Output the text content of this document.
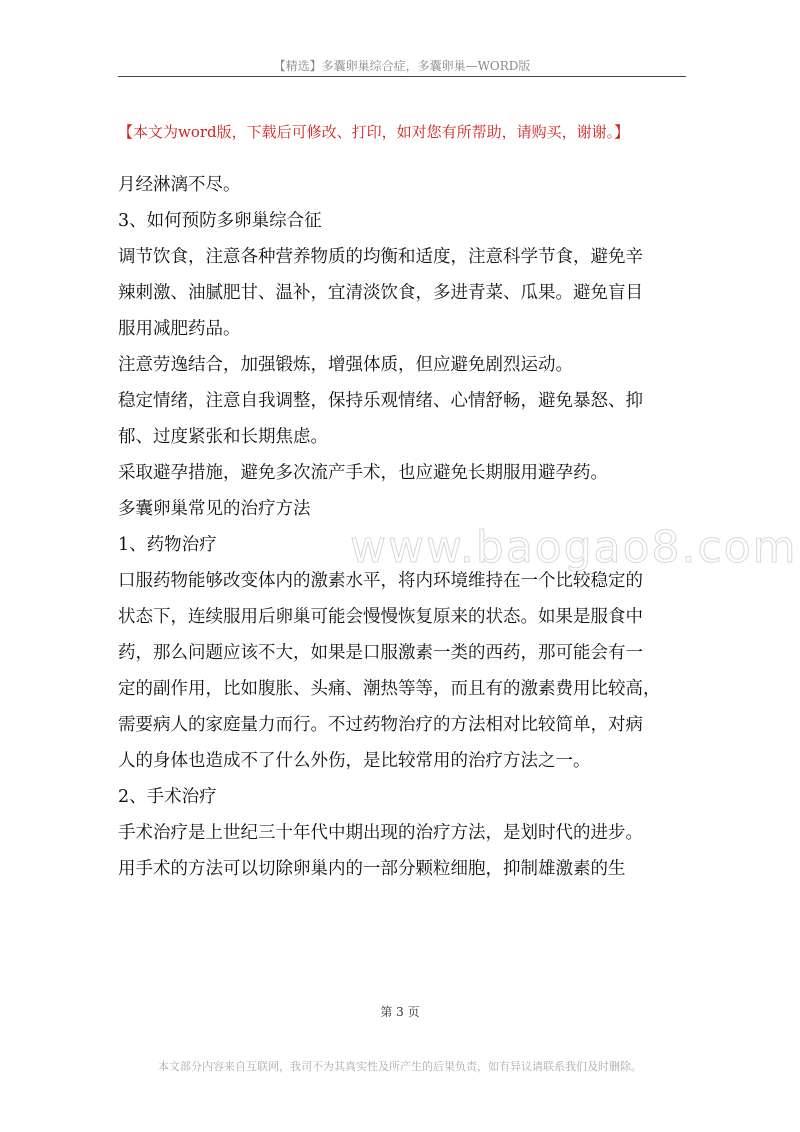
【精选】多囊卵巢综合症，多囊卵巢—WORD版
【本文为word版，下载后可修改、打印，如对您有所帮助，请购买，谢谢。】
www.baogao8.com

月经淋漓不尽。

3、如何预防多卵巢综合征

调节饮食，注意各种营养物质的均衡和适度，注意科学节食，避免辛

辣刺激、油腻肥甘、温补，宜清淡饮食，多进青菜、瓜果。避免盲目

服用减肥药品。

注意劳逸结合，加强锻炼，增强体质，但应避免剧烈运动。

稳定情绪，注意自我调整，保持乐观情绪、心情舒畅，避免暴怒、抑

郁、过度紧张和长期焦虑。

采取避孕措施，避免多次流产手术，也应避免长期服用避孕药。

多囊卵巢常见的治疗方法

1、药物治疗

口服药物能够改变体内的激素水平，将内环境维持在一个比较稳定的

状态下，连续服用后卵巢可能会慢慢恢复原来的状态。如果是服食中

药，那么问题应该不大，如果是口服激素一类的西药，那可能会有一

定的副作用，比如腹胀、头痛、潮热等等，而且有的激素费用比较高，

需要病人的家庭量力而行。不过药物治疗的方法相对比较简单，对病

人的身体也造成不了什么外伤，是比较常用的治疗方法之一。

2、手术治疗

手术治疗是上世纪三十年代中期出现的治疗方法，是划时代的进步。

用手术的方法可以切除卵巢内的一部分颗粒细胞，抑制雄激素的生

第 3 页
本文部分内容来自互联网，我司不为其真实性及所产生的后果负责，如有异议请联系我们及时删除。
